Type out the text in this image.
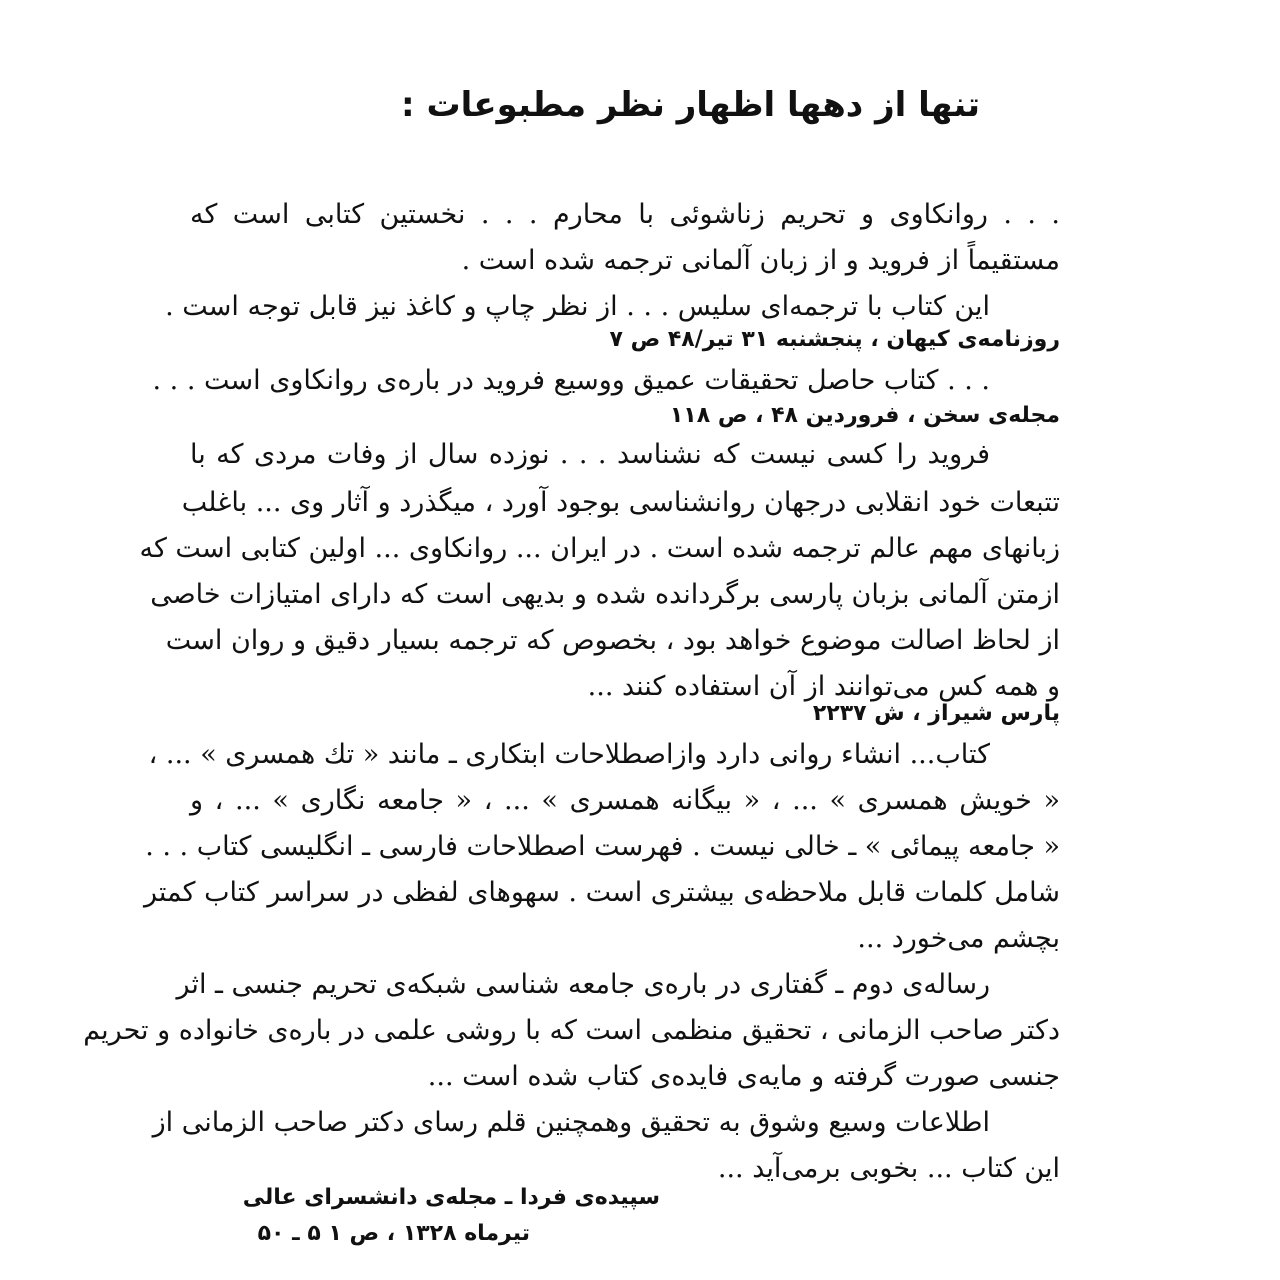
تنها از دهها اظهار نظر مطبوعات :
. . . روانکاوی و تحریم زناشوئی با محارم . . . نخستین کتابی است که
مستقیماً از فروید و از زبان آلمانی ترجمه شده است .
این کتاب با ترجمه‌ای سلیس . . . از نظر چاپ و کاغذ نیز قابل توجه است .
روزنامه‌ی کیهان ، پنجشنبه ۳۱ تیر/۴۸ ص ۷
. . . کتاب حاصل تحقیقات عمیق ووسیع فروید در باره‌ی روانکاوی است . . .
مجله‌ی سخن ، فروردین ۴۸ ، ص ۱۱۸
فروید را کسی نیست که نشناسد . . . نوزده سال از وفات مردی که با
تتبعات خود انقلابی درجهان روانشناسی بوجود آورد ، میگذرد و آثار وی ... باغلب
زبانهای مهم عالم ترجمه شده است . در ایران ... روانکاوی ... اولین کتابی است که
ازمتن آلمانی بزبان پارسی برگردانده شده و بدیهی است که دارای امتیازات خاصی
از لحاظ اصالت موضوع خواهد بود ، بخصوص که ترجمه بسیار دقیق و روان است
و همه کس می‌توانند از آن استفاده کنند ...
پارس شیراز ، ش ۲۲۳۷
کتاب... انشاء روانی دارد وازاصطلاحات ابتکاری ـ مانند « تك همسری » ... ،
« خویش همسری » ... ، « بیگانه همسری » ... ، « جامعه نگاری » ... ، و
« جامعه پیمائی » ـ خالی نیست . فهرست اصطلاحات فارسی ـ انگلیسی کتاب . . .
شامل کلمات قابل ملاحظه‌ی بیشتری است . سهوهای لفظی در سراسر کتاب کمتر
بچشم می‌خورد ...
رساله‌ی دوم ـ گفتاری در باره‌ی جامعه شناسی شبکه‌ی تحریم جنسی ـ اثر
دکتر صاحب الزمانی ، تحقیق منظمی است که با روشی علمی در باره‌ی خانواده و تحریم
جنسی صورت گرفته و مایه‌ی فایده‌ی کتاب شده است ...
اطلاعات وسیع وشوق به تحقیق وهمچنین قلم رسای دکتر صاحب الزمانی از
این کتاب ... بخوبی برمی‌آید ...
سپیده‌ی فردا ـ مجله‌ی دانشسرای عالی
تیرماه ۱۳۲۸ ، ص ۱ ۵ ـ ۵۰
